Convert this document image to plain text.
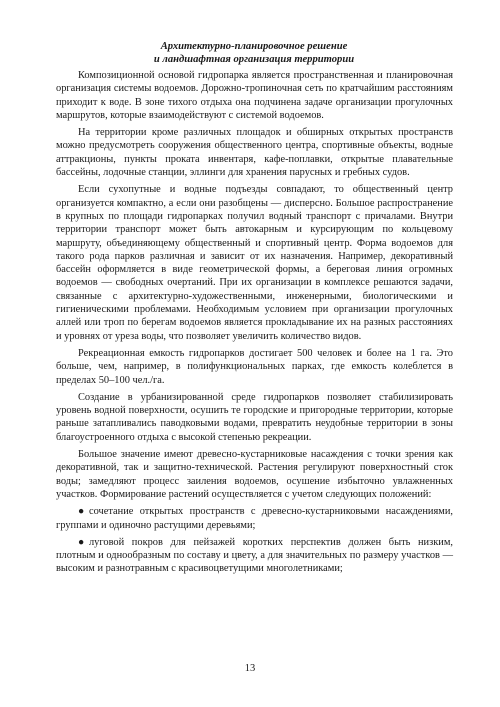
Архитектурно-планировочное решение
и ландшафтная организация территории

Композиционной основой гидропарка является пространственная и планировочная организация системы водоемов. Дорожно-тропиночная сеть по кратчайшим расстояниям приходит к воде. В зоне тихого отдыха она подчинена задаче организации прогулочных маршрутов, которые взаимодействуют с системой водоемов.

На территории кроме различных площадок и обширных открытых пространств можно предусмотреть сооружения общественного центра, спортивные объекты, водные аттракционы, пункты проката инвентаря, кафе-поплавки, открытые плавательные бассейны, лодочные станции, эллинги для хранения парусных и гребных судов.

Если сухопутные и водные подъезды совпадают, то общественный центр организуется компактно, а если они разобщены — дисперсно. Большое распространение в крупных по площади гидропарках получил водный транспорт с причалами. Внутри территории транспорт может быть автокарным и курсирующим по кольцевому маршруту, объединяющему общественный и спортивный центр. Форма водоемов для такого рода парков различная и зависит от их назначения. Например, декоративный бассейн оформляется в виде геометрической формы, а береговая линия огромных водоемов — свободных очертаний. При их организации в комплексе решаются задачи, связанные с архитектурно-художественными, инженерными, биологическими и гигиеническими проблемами. Необходимым условием при организации прогулочных аллей или троп по берегам водоемов является прокладывание их на разных расстояниях и уровнях от уреза воды, что позволяет увеличить количество видов.

Рекреационная емкость гидропарков достигает 500 человек и более на 1 га. Это больше, чем, например, в полифункциональных парках, где емкость колеблется в пределах 50–100 чел./га.

Создание в урбанизированной среде гидропарков позволяет стабилизировать уровень водной поверхности, осушить те городские и пригородные территории, которые раньше затапливались паводковыми водами, превратить неудобные территории в зоны благоустроенного отдыха с высокой степенью рекреации.

Большое значение имеют древесно-кустарниковые насаждения с точки зрения как декоративной, так и защитно-технической. Растения регулируют поверхностный сток воды; замедляют процесс заиления водоемов, осушение избыточно увлажненных участков. Формирование растений осуществляется с учетом следующих положений:

● сочетание открытых пространств с древесно-кустарниковыми насаждениями, группами и одиночно растущими деревьями;

● луговой покров для пейзажей коротких перспектив должен быть низким, плотным и однообразным по составу и цвету, а для значительных по размеру участков — высоким и разнотравным с красивоцветущими многолетниками;

13
